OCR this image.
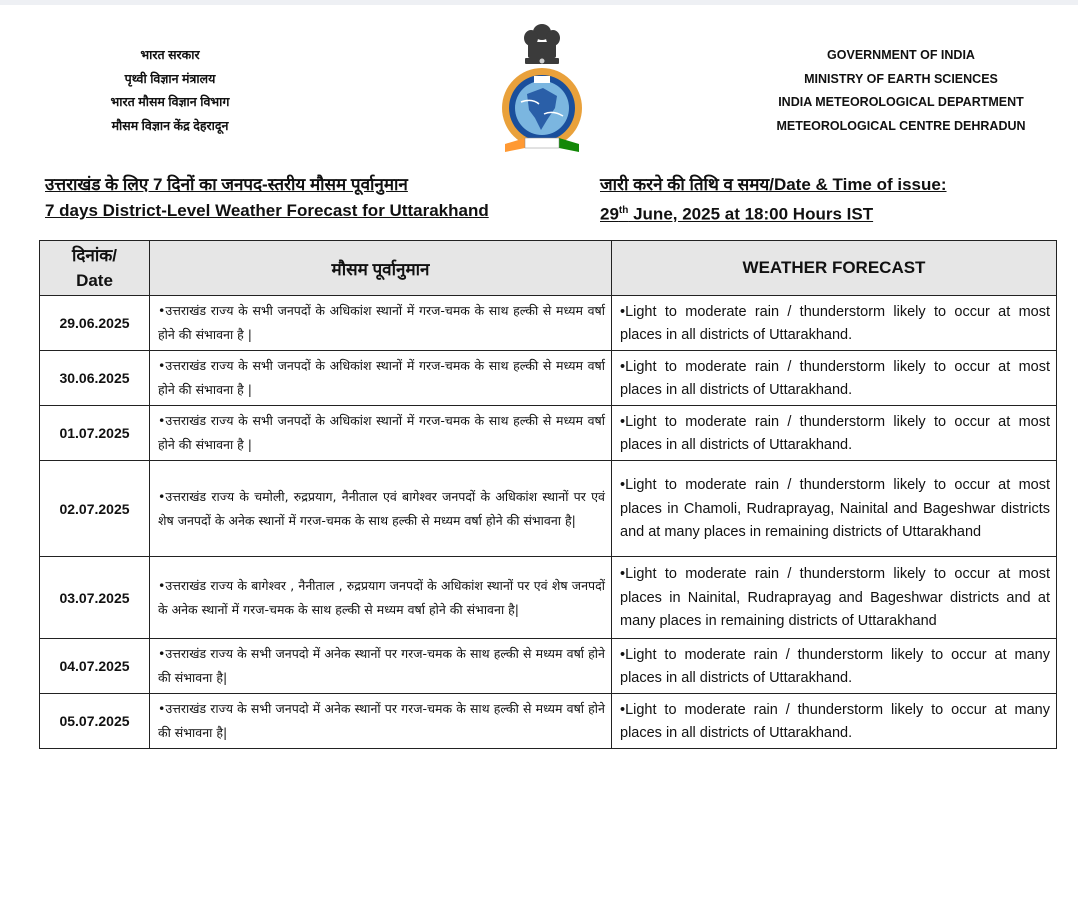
भारत सरकार
पृथ्वी विज्ञान मंत्रालय
भारत मौसम विज्ञान विभाग
मौसम विज्ञान केंद्र देहरादून
GOVERNMENT OF INDIA
MINISTRY OF EARTH SCIENCES
INDIA METEOROLOGICAL DEPARTMENT
METEOROLOGICAL CENTRE DEHRADUN
उत्तराखंड के लिए 7 दिनों का जनपद-स्तरीय मौसम पूर्वानुमान
7 days District-Level Weather Forecast for Uttarakhand
जारी करने की तिथि व समय/Date & Time of issue:
29th June, 2025 at 18:00 Hours IST
दिनांक/
Date	मौसम पूर्वानुमान	WEATHER FORECAST
29.06.2025	•उत्तराखंड राज्य के सभी जनपदों के अधिकांश स्थानों में गरज-चमक के साथ हल्की से मध्यम वर्षा होने की संभावना है |	•Light to moderate rain / thunderstorm likely to occur at most places in all districts of Uttarakhand.
30.06.2025	•उत्तराखंड राज्य के सभी जनपदों के अधिकांश स्थानों में गरज-चमक के साथ हल्की से मध्यम वर्षा होने की संभावना है |	•Light to moderate rain / thunderstorm likely to occur at most places in all districts of Uttarakhand.
01.07.2025	•उत्तराखंड राज्य के सभी जनपदों के अधिकांश स्थानों में गरज-चमक के साथ हल्की से मध्यम वर्षा होने की संभावना है |	•Light to moderate rain / thunderstorm likely to occur at most places in all districts of Uttarakhand.
02.07.2025	•उत्तराखंड राज्य के चमोली, रुद्रप्रयाग, नैनीताल एवं बागेश्वर जनपदों के अधिकांश स्थानों पर एवं शेष जनपदों के अनेक स्थानों में गरज-चमक के साथ हल्की से मध्यम वर्षा होने की संभावना है|	•Light to moderate rain / thunderstorm likely to occur at most places in Chamoli, Rudraprayag, Nainital and Bageshwar districts and at many places in remaining districts of Uttarakhand
03.07.2025	•उत्तराखंड राज्य के बागेश्वर , नैनीताल , रुद्रप्रयाग जनपदों के अधिकांश स्थानों पर एवं शेष जनपदों के अनेक स्थानों में गरज-चमक के साथ हल्की से मध्यम वर्षा होने की संभावना है|	•Light to moderate rain / thunderstorm likely to occur at most places in Nainital, Rudraprayag and Bageshwar districts and at many places in remaining districts of Uttarakhand
04.07.2025	•उत्तराखंड राज्य के सभी जनपदो में अनेक स्थानों पर गरज-चमक के साथ हल्की से मध्यम वर्षा होने की संभावना है|	•Light to moderate rain / thunderstorm likely to occur at many places in all districts of Uttarakhand.
05.07.2025	•उत्तराखंड राज्य के सभी जनपदो में अनेक स्थानों पर गरज-चमक के साथ हल्की से मध्यम वर्षा होने की संभावना है|	•Light to moderate rain / thunderstorm likely to occur at many places in all districts of Uttarakhand.
